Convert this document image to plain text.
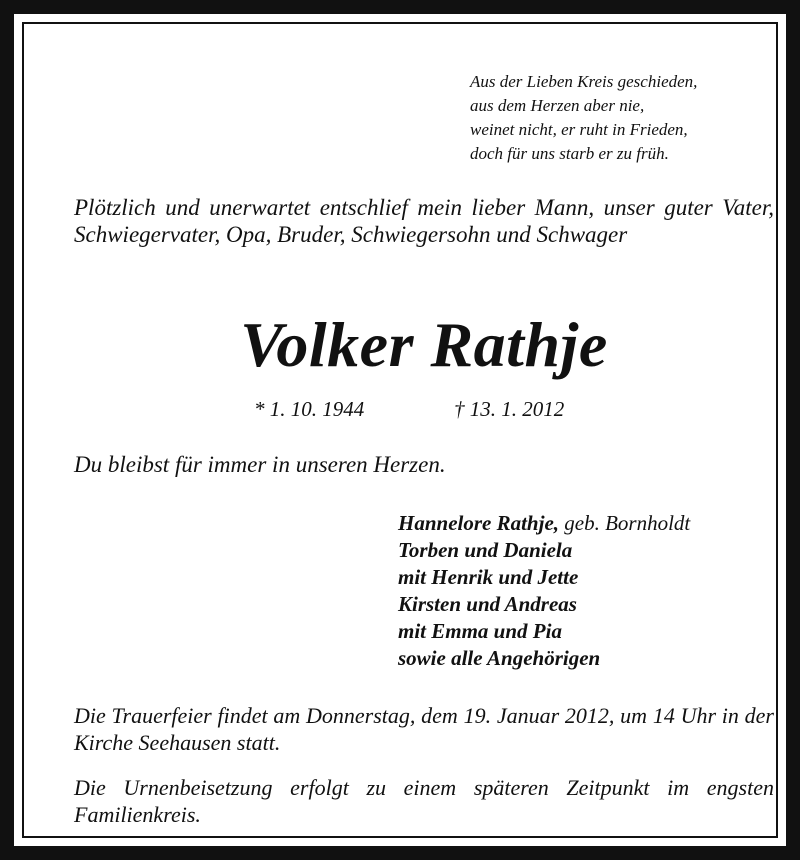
Aus der Lieben Kreis geschieden,
aus dem Herzen aber nie,
weinet nicht, er ruht in Frieden,
doch für uns starb er zu früh.
Plötzlich und unerwartet entschlief mein lieber Mann, unser guter Vater, Schwiegervater, Opa, Bruder, Schwiegersohn und Schwager
Volker Rathje
* 1. 10. 1944	† 13. 1. 2012
Du bleibst für immer in unseren Herzen.
Hannelore Rathje, geb. Bornholdt
Torben und Daniela
mit Henrik und Jette
Kirsten und Andreas
mit Emma und Pia
sowie alle Angehörigen
Die Trauerfeier findet am Donnerstag, dem 19. Januar 2012, um 14 Uhr in der Kirche Seehausen statt.
Die Urnenbeisetzung erfolgt zu einem späteren Zeitpunkt im engsten Familienkreis.
